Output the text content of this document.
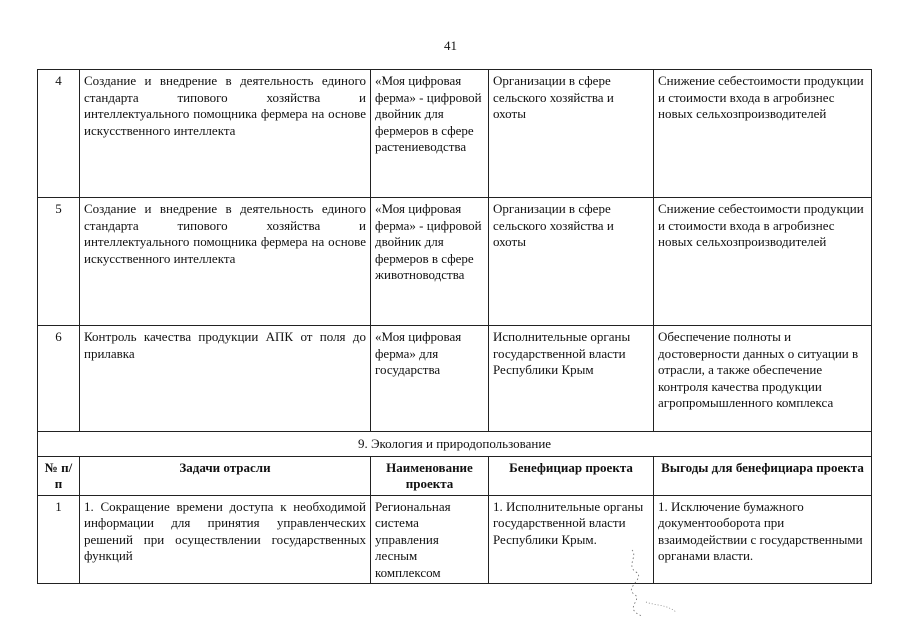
41
4	Создание и внедрение в деятельность единого стандарта типового хозяйства и интеллектуального помощника фермера на основе искусственного интеллекта	«Моя цифровая ферма» - цифровой двойник для фермеров в сфере растениеводства	Организации в сфере сельского хозяйства и охоты	Снижение себестоимости продукции и стоимости входа в агробизнес новых сельхозпроизводителей
5	Создание и внедрение в деятельность единого стандарта типового хозяйства и интеллектуального помощника фермера на основе искусственного интеллекта	«Моя цифровая ферма» - цифровой двойник для фермеров в сфере животноводства	Организации в сфере сельского хозяйства и охоты	Снижение себестоимости продукции и стоимости входа в агробизнес новых сельхозпроизводителей
6	Контроль качества продукции АПК от поля до прилавка	«Моя цифровая ферма» для государства	Исполнительные органы государственной власти Республики Крым	Обеспечение полноты и достоверности данных о ситуации в отрасли, а также обеспечение контроля качества продукции агропромышленного комплекса
9. Экология и природопользование				
№ п/п	Задачи отрасли	Наименование проекта	Бенефициар проекта	Выгоды для бенефициара проекта
1	1. Сокращение времени доступа к необходимой информации для принятия управленческих решений при осуществлении государственных функций	Региональная система управления лесным комплексом	1. Исполнительные органы государственной власти Республики Крым.	1. Исключение бумажного документооборота при взаимодействии с государственными органами власти.
